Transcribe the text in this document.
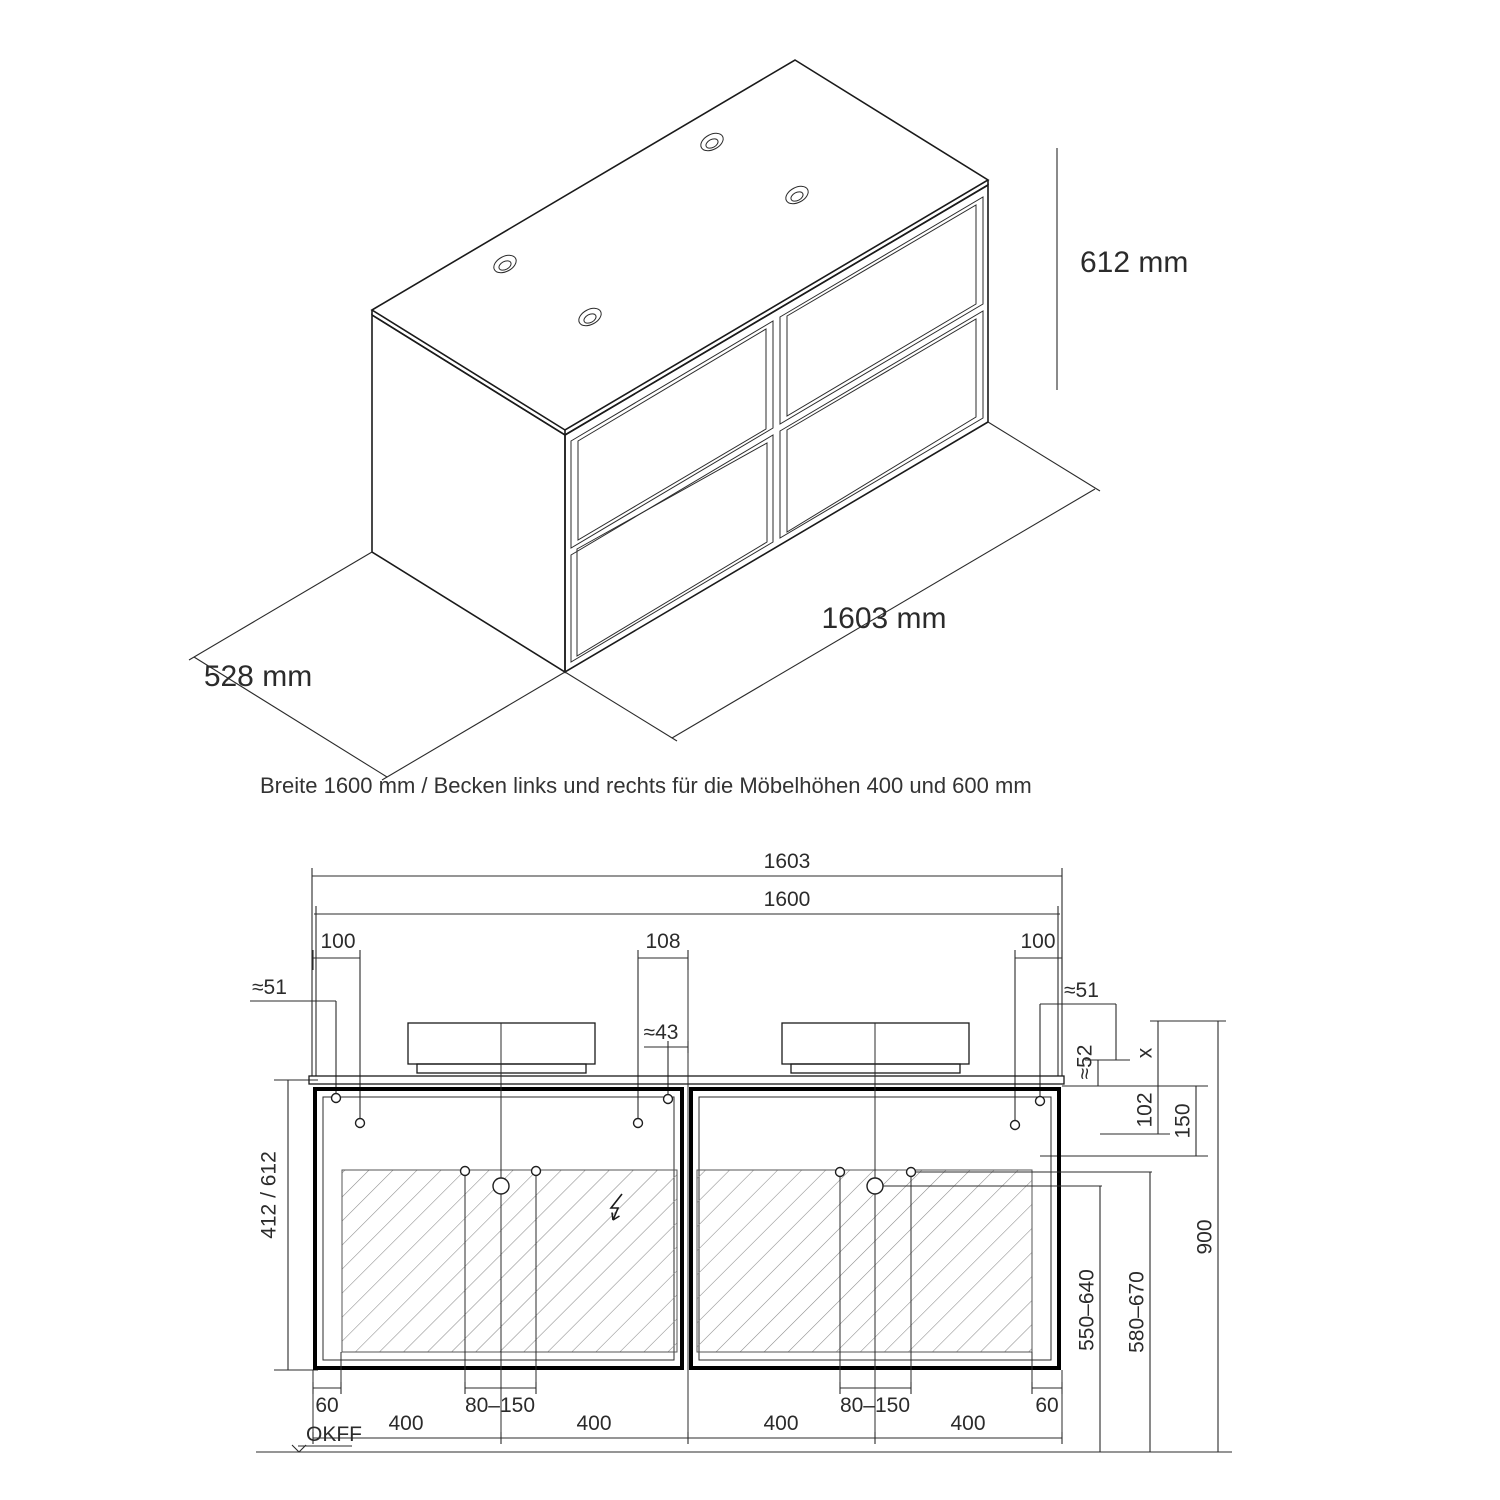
612 mm
1603 mm
528 mm
Breite 1600 mm / Becken links und rechts für die Möbelhöhen 400 und 600 mm
1603
1600
100	108	100
≈51
≈43
≈51
≈52 x
102 150
412 / 612
580–670
550–640
900
60	80–150	80–150	60
400	400	400	400
OKFF
